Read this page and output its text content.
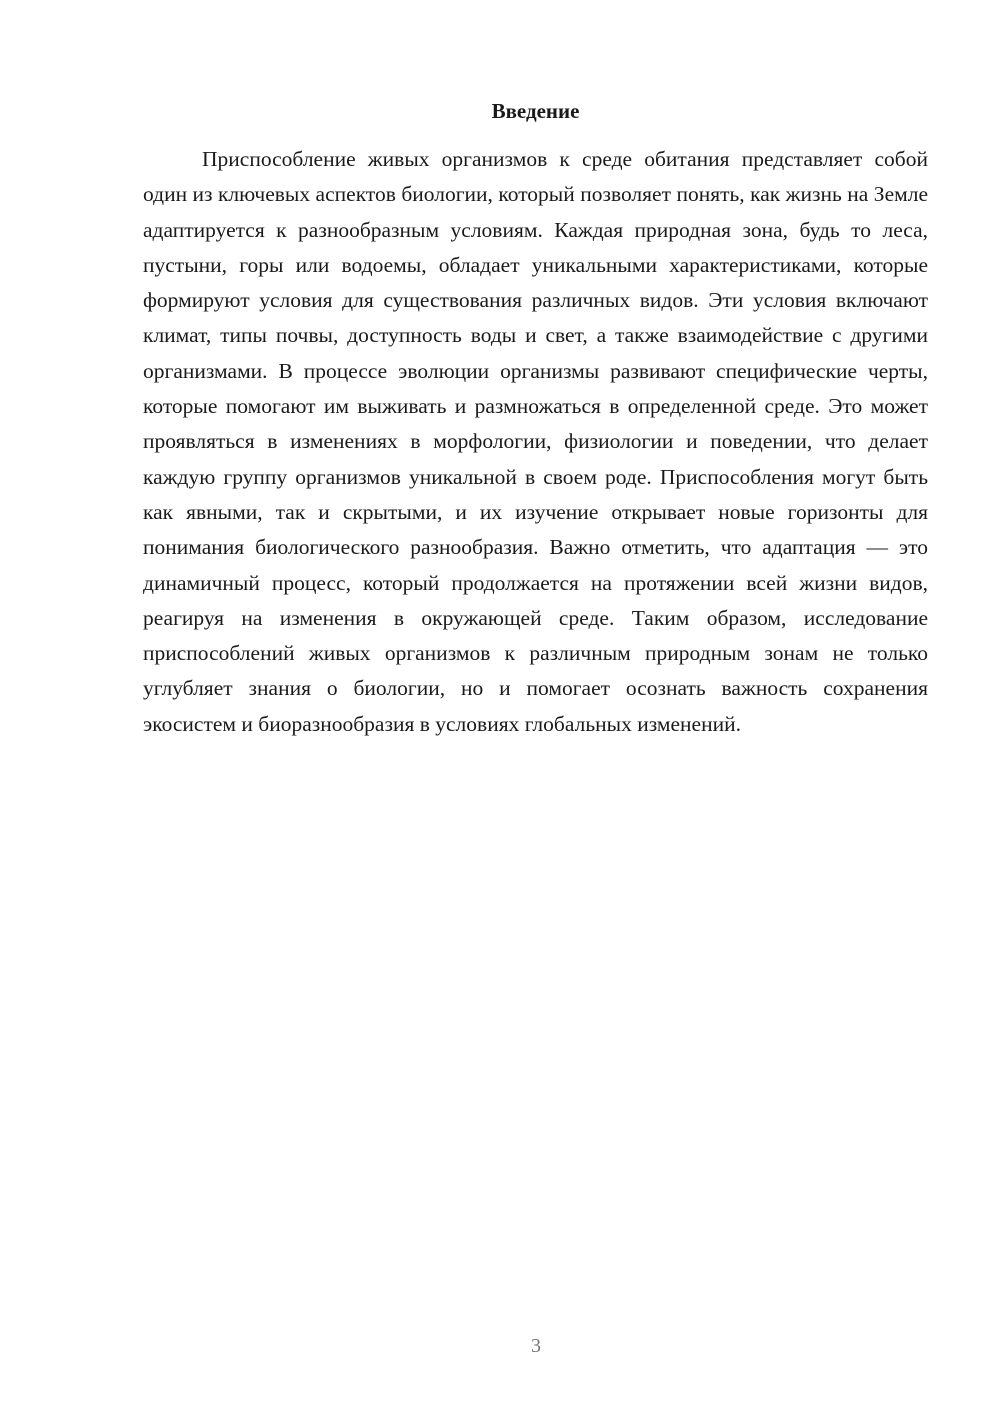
Введение

Приспособление живых организмов к среде обитания представляет собой один из ключевых аспектов биологии, который позволяет понять, как жизнь на Земле адаптируется к разнообразным условиям. Каждая природная зона, будь то леса, пустыни, горы или водоемы, обладает уникальными характеристиками, которые формируют условия для существования различных видов. Эти условия включают климат, типы почвы, доступность воды и свет, а также взаимодействие с другими организмами. В процессе эволюции организмы развивают специфические черты, которые помогают им выживать и размножаться в определенной среде. Это может проявляться в изменениях в морфологии, физиологии и поведении, что делает каждую группу организмов уникальной в своем роде. Приспособления могут быть как явными, так и скрытыми, и их изучение открывает новые горизонты для понимания биологического разнообразия. Важно отметить, что адаптация — это динамичный процесс, который продолжается на протяжении всей жизни видов, реагируя на изменения в окружающей среде. Таким образом, исследование приспособлений живых организмов к различным природным зонам не только углубляет знания о биологии, но и помогает осознать важность сохранения экосистем и биоразнообразия в условиях глобальных изменений.

3
